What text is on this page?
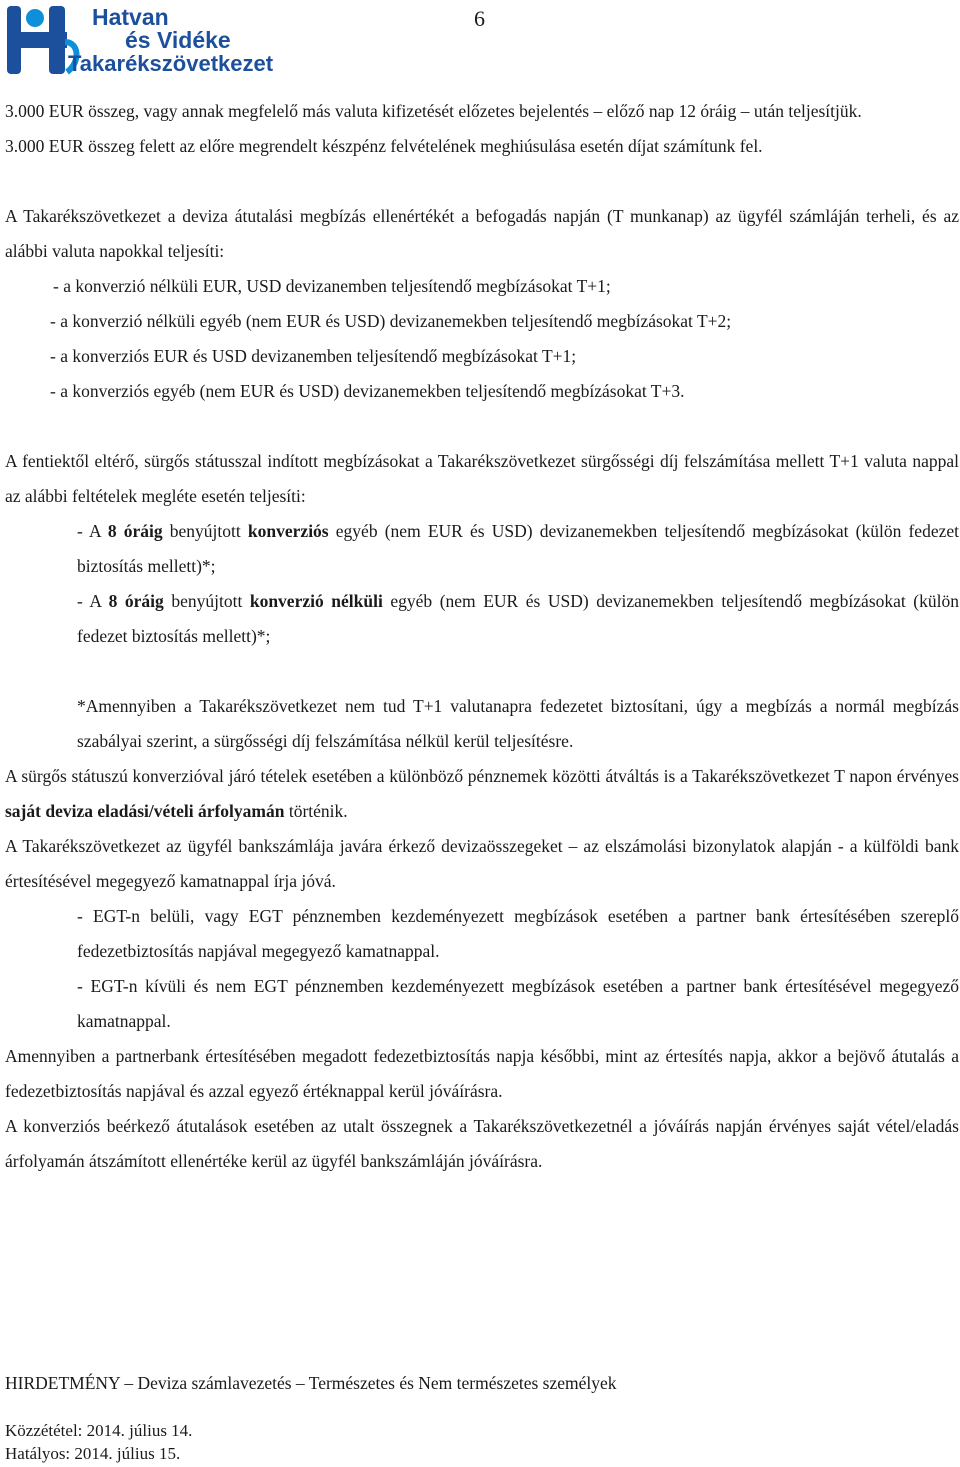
Hatvan
és Vidéke
Takarékszövetkezet
6

3.000 EUR összeg, vagy annak megfelelő más valuta kifizetését előzetes bejelentés – előző nap 12 óráig – után teljesítjük.

3.000 EUR összeg felett az előre megrendelt készpénz felvételének meghiúsulása esetén díjat számítunk fel.

A Takarékszövetkezet a deviza átutalási megbízás ellenértékét a befogadás napján (T munkanap) az ügyfél számláján terheli, és az alábbi valuta napokkal teljesíti:

- a konverzió nélküli EUR, USD devizanemben teljesítendő megbízásokat T+1;

- a konverzió nélküli egyéb (nem EUR és USD) devizanemekben teljesítendő megbízásokat T+2;

- a konverziós EUR és USD devizanemben teljesítendő megbízásokat T+1;

- a konverziós egyéb (nem EUR és USD) devizanemekben teljesítendő megbízásokat T+3.

A fentiektől eltérő, sürgős státusszal indított megbízásokat a Takarékszövetkezet sürgősségi díj felszámítása mellett T+1 valuta nappal az alábbi feltételek megléte esetén teljesíti:

- A 8 óráig benyújtott konverziós egyéb (nem EUR és USD) devizanemekben teljesítendő megbízásokat (külön fedezet biztosítás mellett)*;

- A 8 óráig benyújtott konverzió nélküli egyéb (nem EUR és USD) devizanemekben teljesítendő megbízásokat (külön fedezet biztosítás mellett)*;

*Amennyiben a Takarékszövetkezet nem tud T+1 valutanapra fedezetet biztosítani, úgy a megbízás a normál megbízás szabályai szerint, a sürgősségi díj felszámítása nélkül kerül teljesítésre.

A sürgős státuszú konverzióval járó tételek esetében a különböző pénznemek közötti átváltás is a Takarékszövetkezet T napon érvényes saját deviza eladási/vételi árfolyamán történik.

A Takarékszövetkezet az ügyfél bankszámlája javára érkező devizaösszegeket – az elszámolási bizonylatok alapján - a külföldi bank értesítésével megegyező kamatnappal írja jóvá.

- EGT-n belüli, vagy EGT pénznemben kezdeményezett megbízások esetében a partner bank értesítésében szereplő fedezetbiztosítás napjával megegyező kamatnappal.

- EGT-n kívüli és nem EGT pénznemben kezdeményezett megbízások esetében a partner bank értesítésével megegyező kamatnappal.

Amennyiben a partnerbank értesítésében megadott fedezetbiztosítás napja későbbi, mint az értesítés napja, akkor a bejövő átutalás a fedezetbiztosítás napjával és azzal egyező értéknappal kerül jóváírásra.

A konverziós beérkező átutalások esetében az utalt összegnek a Takarékszövetkezetnél a jóváírás napján érvényes saját vétel/eladás árfolyamán átszámított ellenértéke kerül az ügyfél bankszámláján jóváírásra.

HIRDETMÉNY – Deviza számlavezetés – Természetes és Nem természetes személyek
Közzététel: 2014. július 14.
Hatályos: 2014. július 15.
